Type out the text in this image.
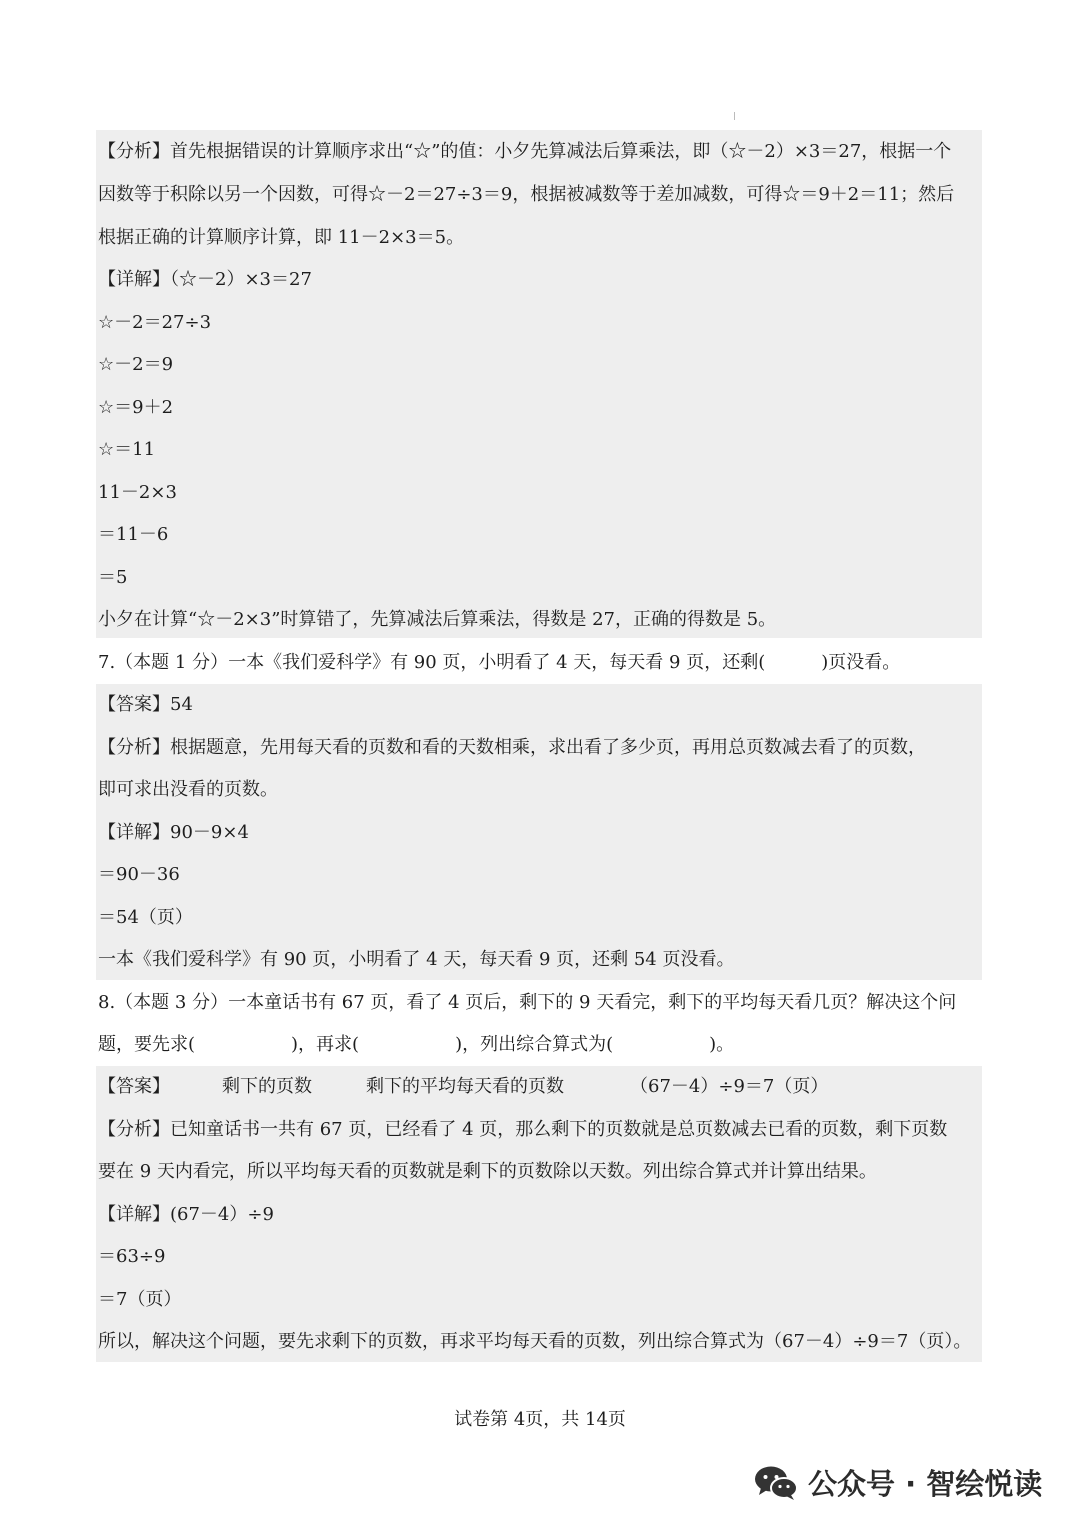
【分析】首先根据错误的计算顺序求出“☆”的值：小夕先算减法后算乘法，即（☆－2）×3＝27，根据一个
因数等于积除以另一个因数，可得☆－2＝27÷3＝9，根据被减数等于差加减数，可得☆＝9＋2＝11；然后
根据正确的计算顺序计算，即 11－2×3＝5。
【详解】（☆－2）×3＝27
☆－2＝27÷3
☆－2＝9
☆＝9＋2
☆＝11
11－2×3
＝11－6
＝5
小夕在计算“☆－2×3”时算错了，先算减法后算乘法，得数是 27，正确的得数是 5。
7.（本题 1 分）一本《我们爱科学》有 90 页，小明看了 4 天，每天看 9 页，还剩(	)页没看。
【答案】54
【分析】根据题意，先用每天看的页数和看的天数相乘，求出看了多少页，再用总页数减去看了的页数，
即可求出没看的页数。
【详解】90－9×4
＝90－36
＝54（页）
一本《我们爱科学》有 90 页，小明看了 4 天，每天看 9 页，还剩 54 页没看。
8.（本题 3 分）一本童话书有 67 页，看了 4 页后，剩下的 9 天看完，剩下的平均每天看几页？解决这个问
题，要先求(	)，再求(	)，列出综合算式为(	)。
【答案】	剩下的页数	剩下的平均每天看的页数	（67－4）÷9＝7（页）
【分析】已知童话书一共有 67 页，已经看了 4 页，那么剩下的页数就是总页数减去已看的页数，剩下页数
要在 9 天内看完，所以平均每天看的页数就是剩下的页数除以天数。列出综合算式并计算出结果。
【详解】(67－4）÷9
＝63÷9
＝7（页）
所以，解决这个问题，要先求剩下的页数，再求平均每天看的页数，列出综合算式为（67－4）÷9＝7（页）。
试卷第 4页，共 14页
公众号 · 智绘悦读
